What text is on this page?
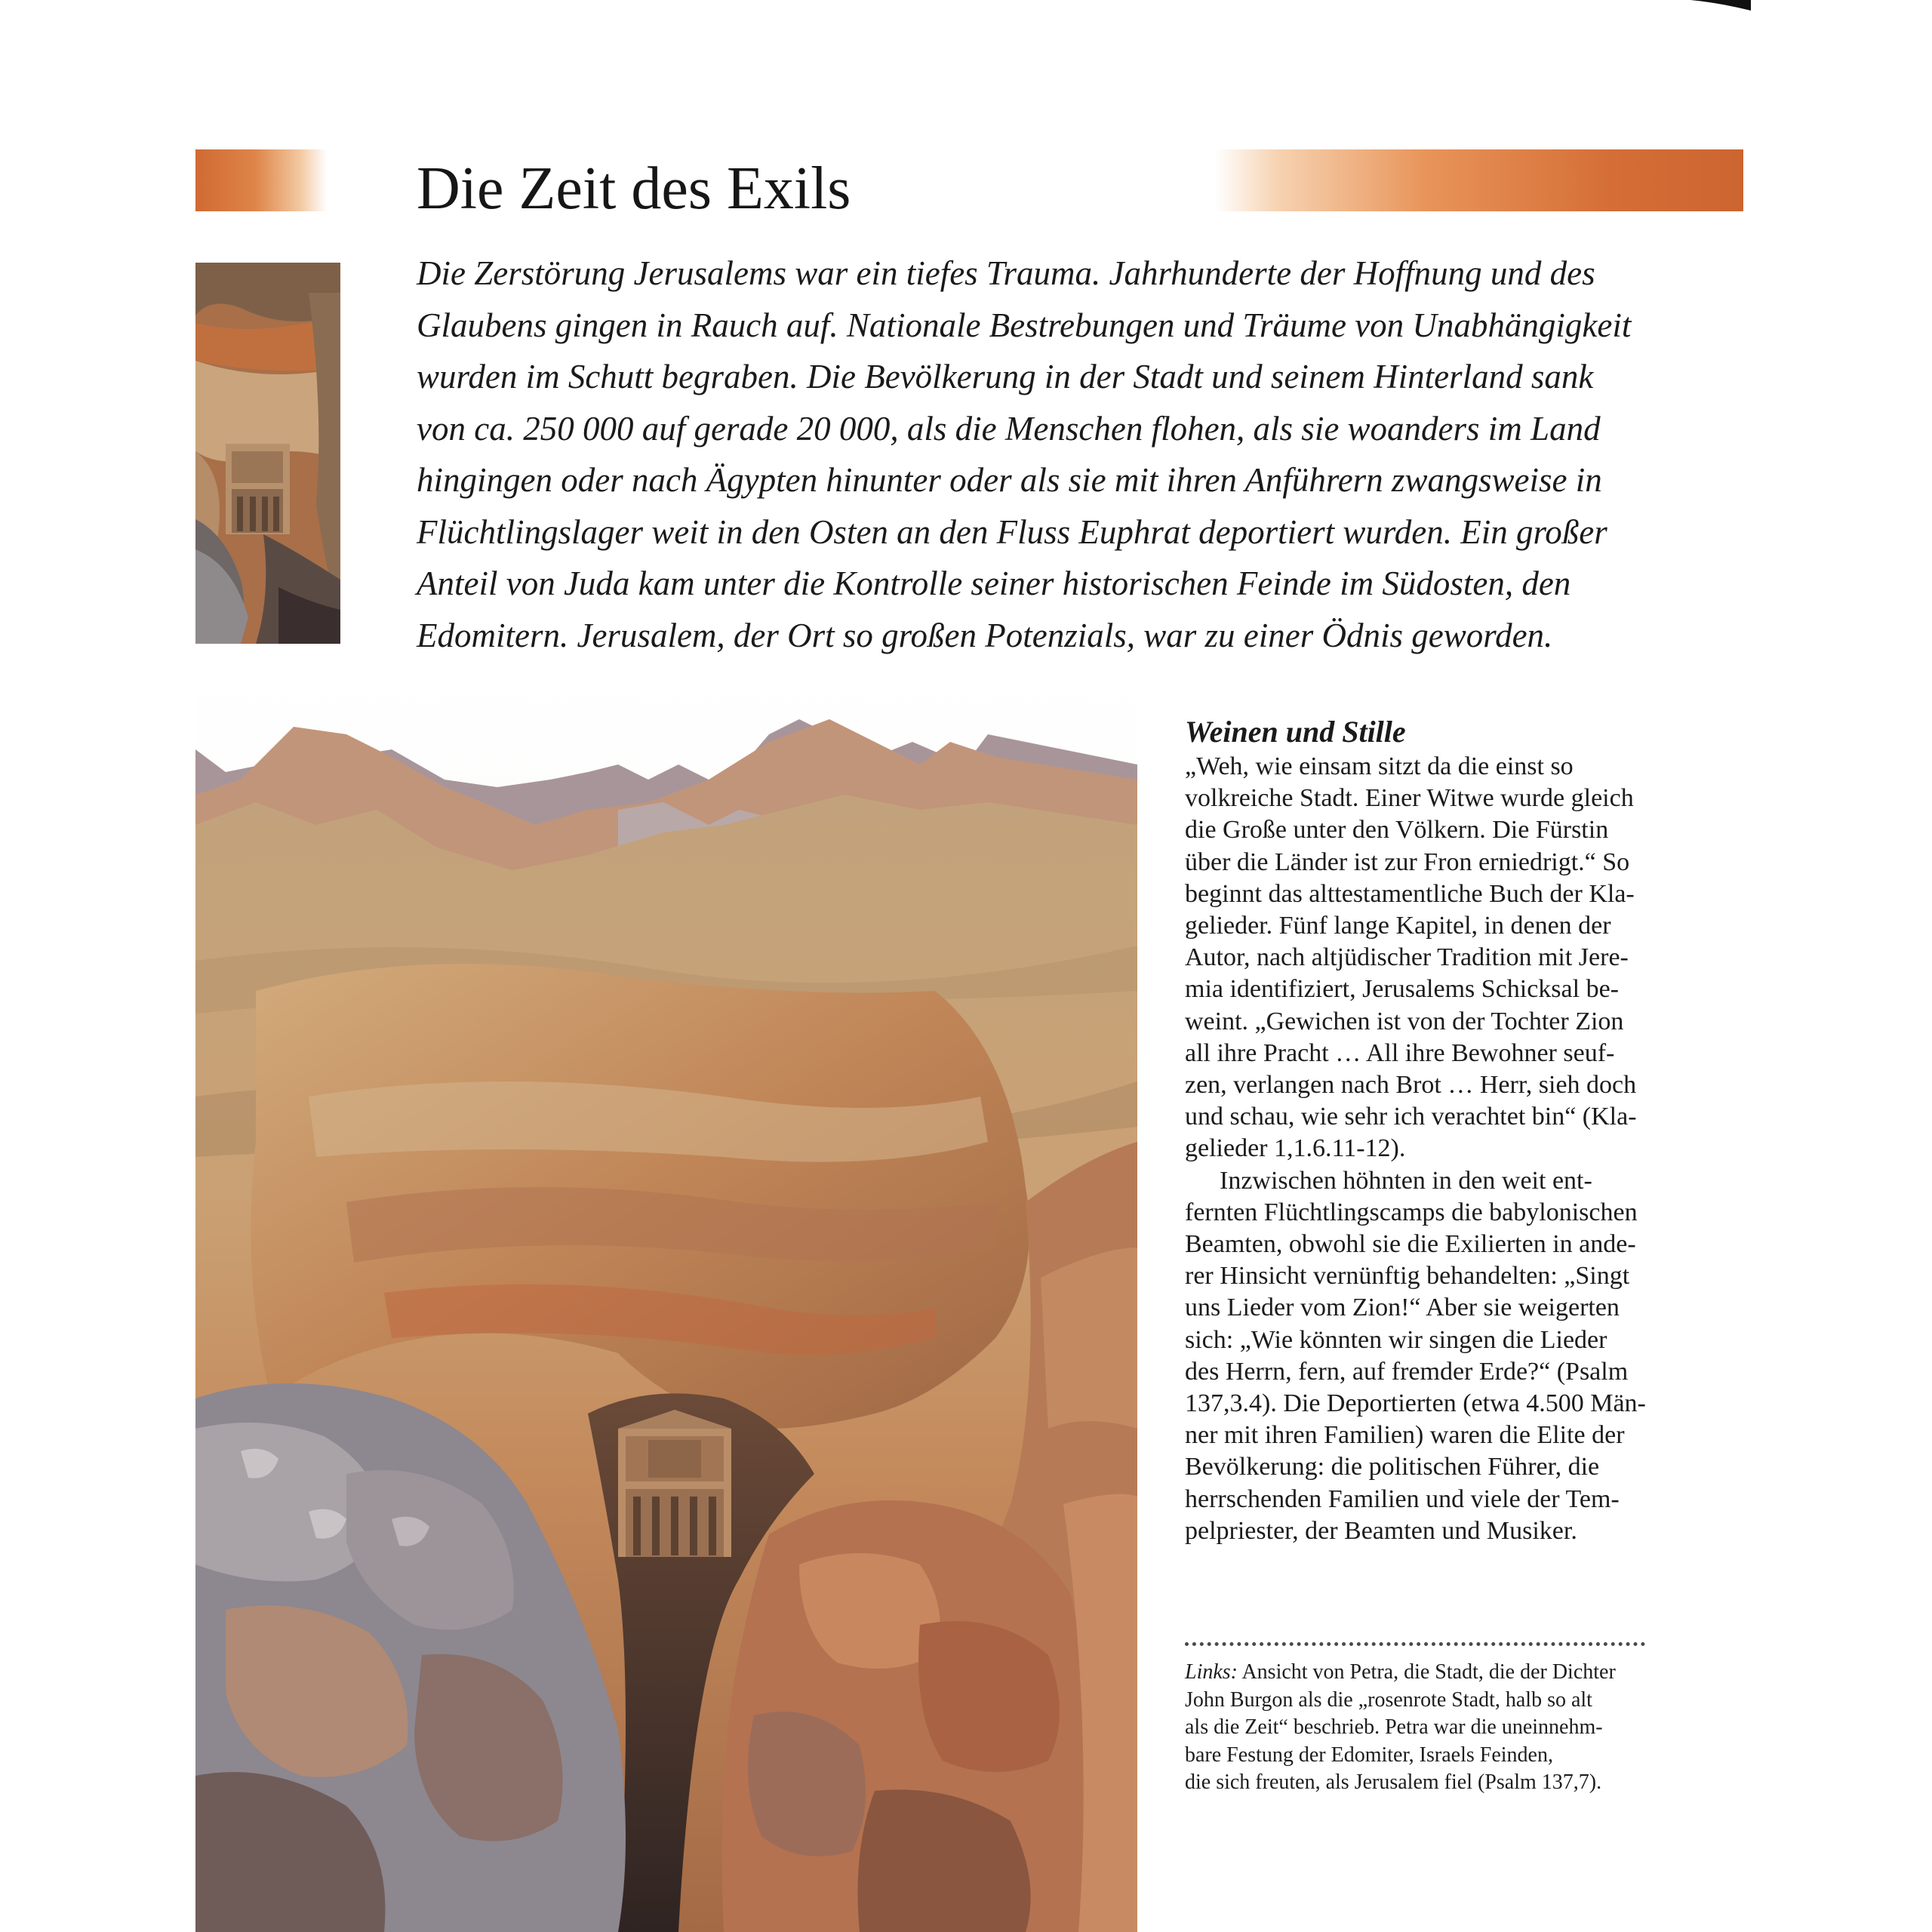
Die Zeit des Exils
Die Zerstörung Jerusalems war ein tiefes Trauma. Jahrhunderte der Hoffnung und des
Glaubens gingen in Rauch auf. Nationale Bestrebungen und Träume von Unabhängigkeit
wurden im Schutt begraben. Die Bevölkerung in der Stadt und seinem Hinterland sank
von ca. 250 000 auf gerade 20 000, als die Menschen flohen, als sie woanders im Land
hingingen oder nach Ägypten hinunter oder als sie mit ihren Anführern zwangsweise in
Flüchtlingslager weit in den Osten an den Fluss Euphrat deportiert wurden. Ein großer
Anteil von Juda kam unter die Kontrolle seiner historischen Feinde im Südosten, den
Edomitern. Jerusalem, der Ort so großen Potenzials, war zu einer Ödnis geworden.
Weinen und Stille
„Weh, wie einsam sitzt da die einst so
volkreiche Stadt. Einer Witwe wurde gleich
die Große unter den Völkern. Die Fürstin
über die Länder ist zur Fron erniedrigt.“ So
beginnt das alttestamentliche Buch der Kla-
gelieder. Fünf lange Kapitel, in denen der
Autor, nach altjüdischer Tradition mit Jere-
mia identifiziert, Jerusalems Schicksal be-
weint. „Gewichen ist von der Tochter Zion
all ihre Pracht … All ihre Bewohner seuf-
zen, verlangen nach Brot … Herr, sieh doch
und schau, wie sehr ich verachtet bin“ (Kla-
gelieder 1,1.6.11-12).
Inzwischen höhnten in den weit ent-
fernten Flüchtlingscamps die babylonischen
Beamten, obwohl sie die Exilierten in ande-
rer Hinsicht vernünftig behandelten: „Singt
uns Lieder vom Zion!“ Aber sie weigerten
sich: „Wie könnten wir singen die Lieder
des Herrn, fern, auf fremder Erde?“ (Psalm
137,3.4). Die Deportierten (etwa 4.500 Män-
ner mit ihren Familien) waren die Elite der
Bevölkerung: die politischen Führer, die
herrschenden Familien und viele der Tem-
pelpriester, der Beamten und Musiker.
Links: Ansicht von Petra, die Stadt, die der Dichter
John Burgon als die „rosenrote Stadt, halb so alt
als die Zeit“ beschrieb. Petra war die uneinnehm-
bare Festung der Edomiter, Israels Feinden,
die sich freuten, als Jerusalem fiel (Psalm 137,7).
